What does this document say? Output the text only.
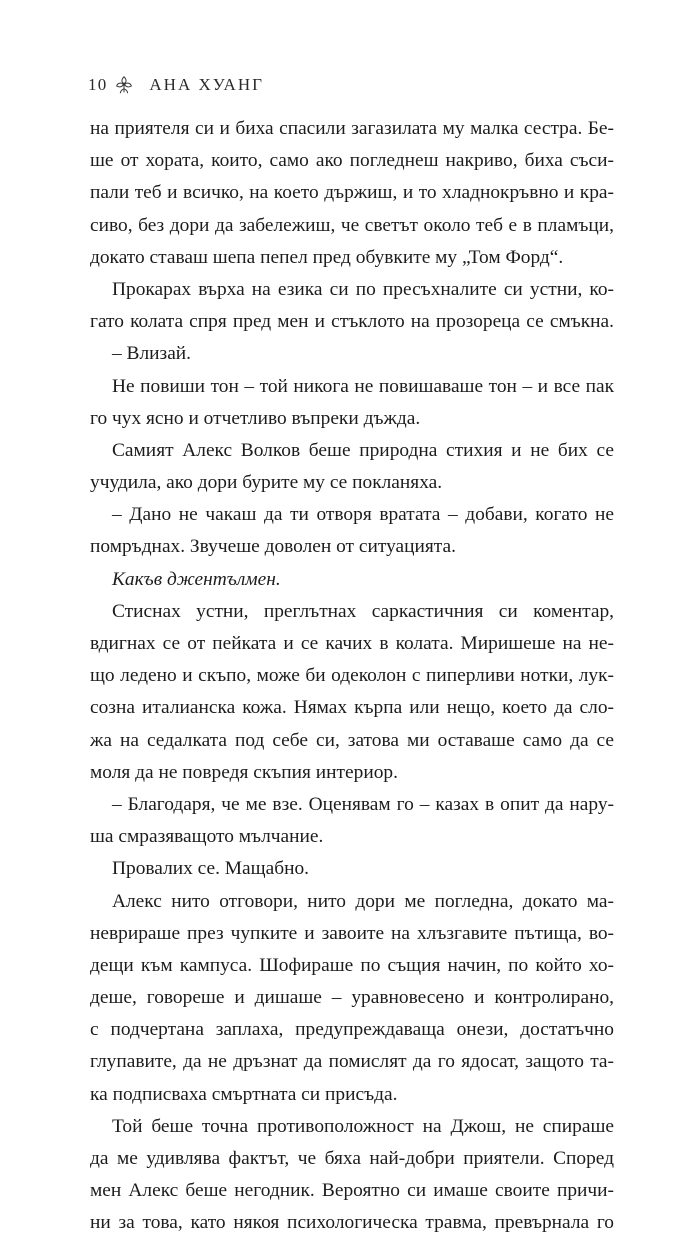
10 АНА ХУАНГ
на приятеля си и биха спасили загазилата му малка сестра. Бе-
ше от хората, които, само ако погледнеш накриво, биха съси-
пали теб и всичко, на което държиш, и то хладнокръвно и кра-
сиво, без дори да забележиш, че светът около теб е в пламъци,
докато ставаш шепа пепел пред обувките му „Том Форд“.
Прокарах върха на езика си по пресъхналите си устни, ко-
гато колата спря пред мен и стъклото на прозореца се смъкна.
– Влизай.
Не повиши тон – той никога не повишаваше тон – и все пак
го чух ясно и отчетливо въпреки дъжда.
Самият Алекс Волков беше природна стихия и не бих се
учудила, ако дори бурите му се покланяха.
– Дано не чакаш да ти отворя вратата – добави, когато не
помръднах. Звучеше доволен от ситуацията.
Какъв джентълмен.
Стиснах устни, преглътнах саркастичния си коментар,
вдигнах се от пейката и се качих в колата. Миришеше на не-
що ледено и скъпо, може би одеколон с пиперливи нотки, лук-
созна италианска кожа. Нямах кърпа или нещо, което да сло-
жа на седалката под себе си, затова ми оставаше само да се
моля да не повредя скъпия интериор.
– Благодаря, че ме взе. Оценявам го – казах в опит да нару-
ша смразяващото мълчание.
Провалих се. Мащабно.
Алекс нито отговори, нито дори ме погледна, докато ма-
неврираше през чупките и завоите на хлъзгавите пътища, во-
дещи към кампуса. Шофираше по същия начин, по който хо-
деше, говореше и дишаше – уравновесено и контролирано,
с подчертана заплаха, предупреждаваща онези, достатъчно
глупавите, да не дръзнат да помислят да го ядосат, защото та-
ка подписваха смъртната си присъда.
Той беше точна противоположност на Джош, не спираше
да ме удивлява фактът, че бяха най-добри приятели. Според
мен Алекс беше негодник. Вероятно си имаше своите причи-
ни за това, като някоя психологическа травма, превърнала го
